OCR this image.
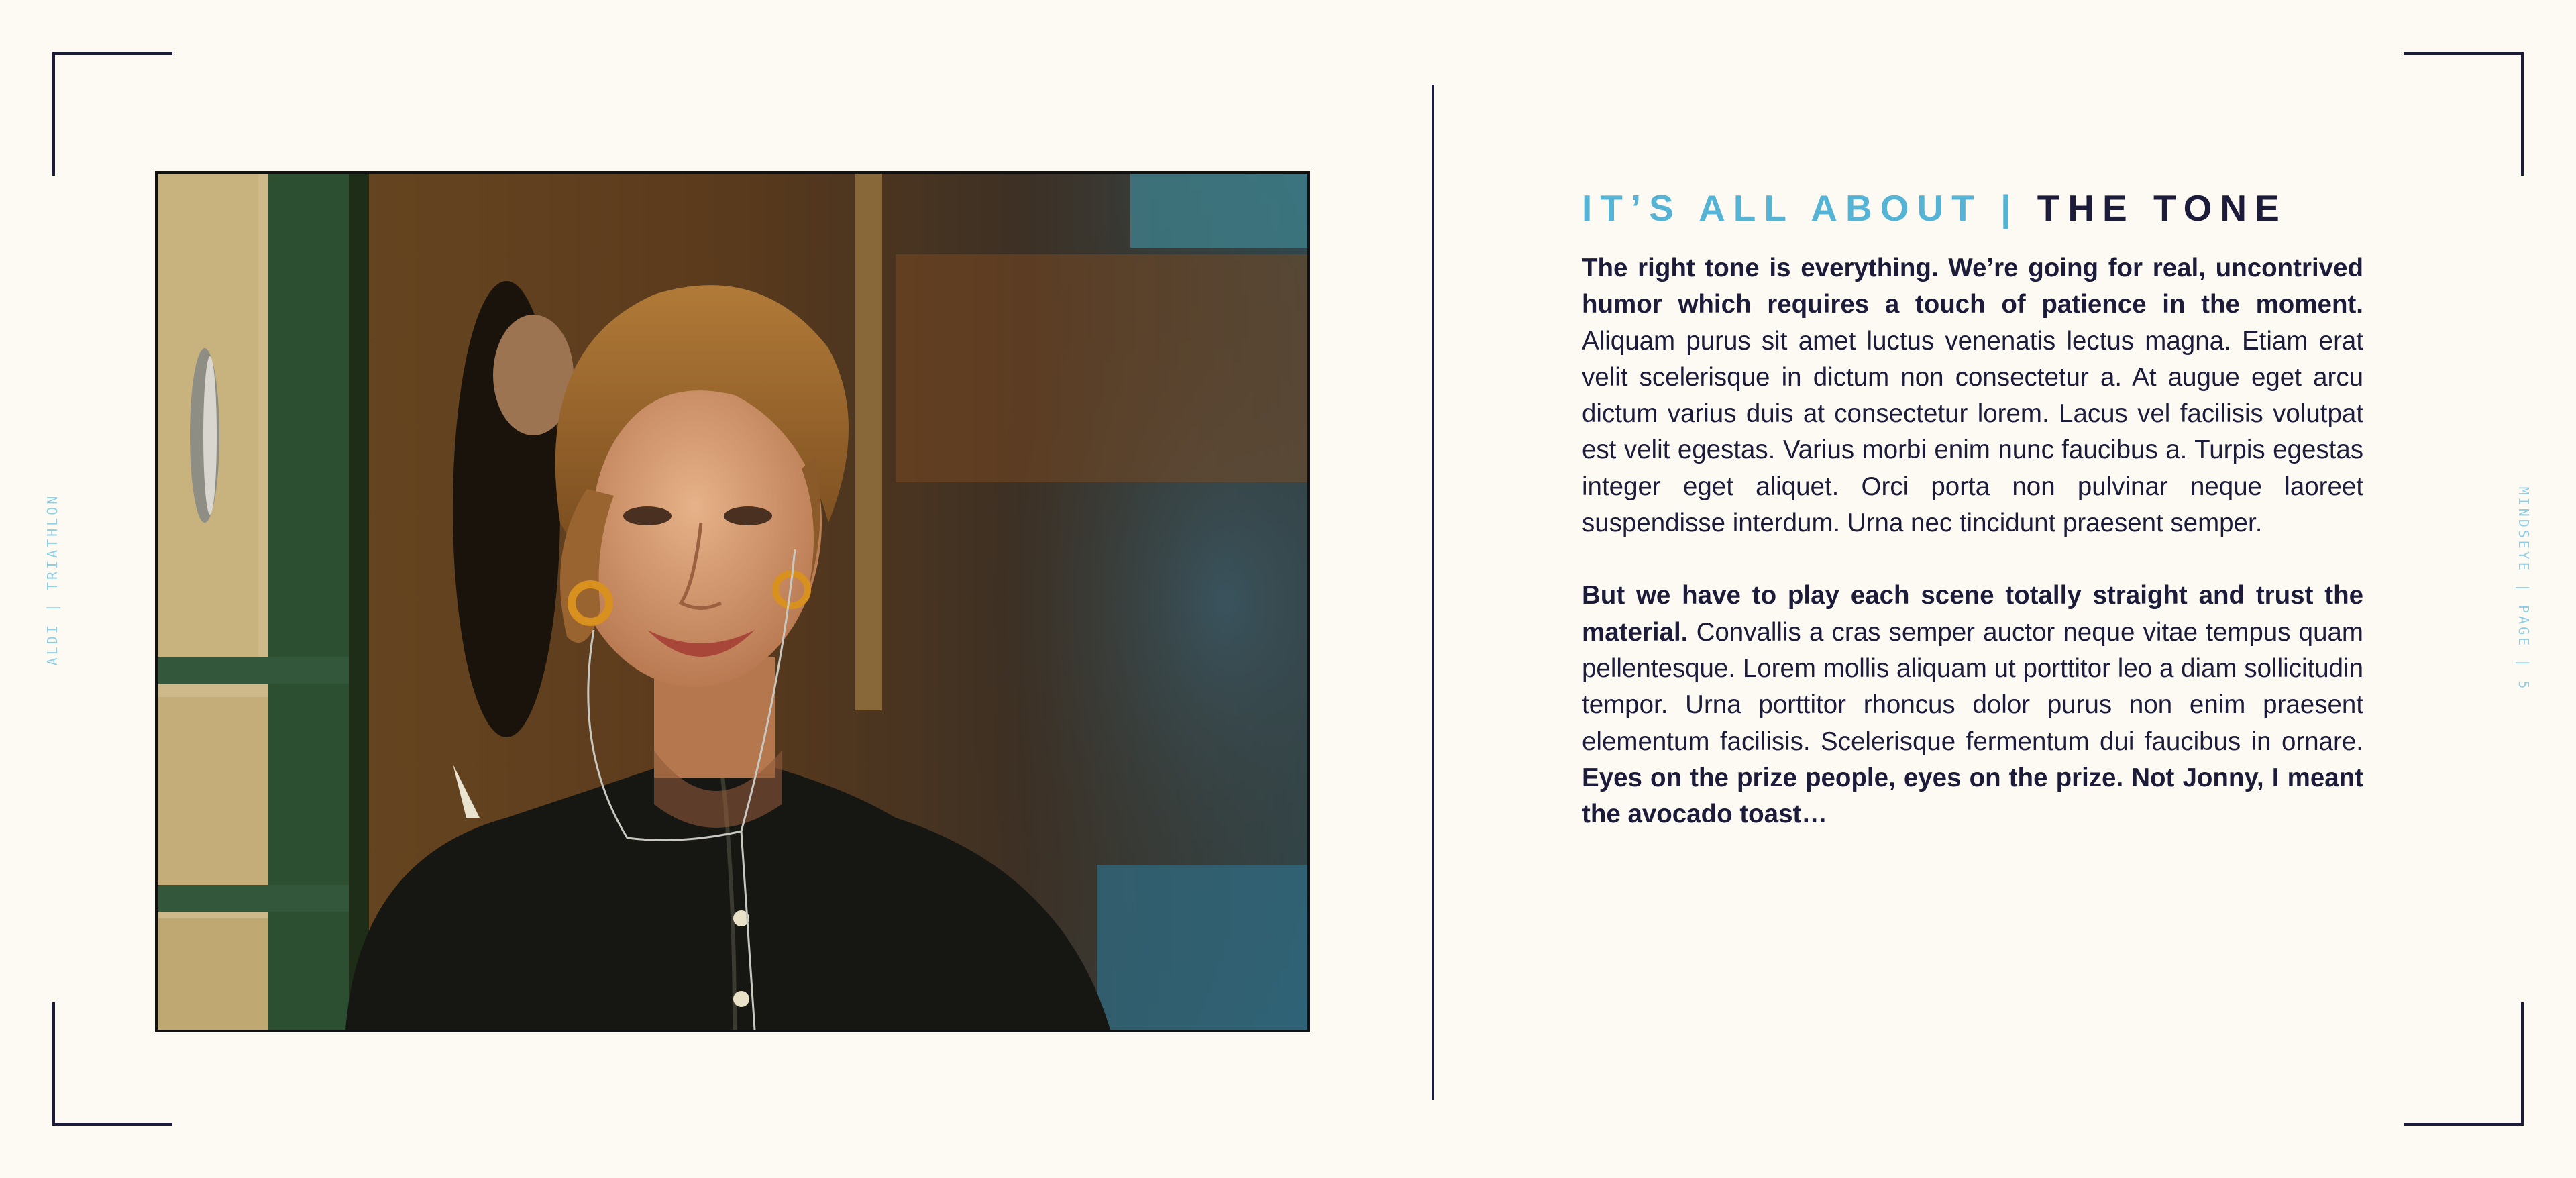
ALDI | TRIATHLON	MINDSEYE | PAGE | 5
IT’S ALL ABOUT | THE TONE

The right tone is everything. We’re going for real, uncontrived humor which requires a touch of patience in the moment. Aliquam purus sit amet luctus venenatis lectus magna. Etiam erat velit scelerisque in dictum non consectetur a. At augue eget arcu dictum varius duis at consectetur lorem. Lacus vel facilisis volutpat est velit egestas. Varius morbi enim nunc faucibus a. Turpis egestas integer eget aliquet. Orci porta non pulvinar neque laoreet suspendisse interdum. Urna nec tincidunt praesent semper.

But we have to play each scene totally straight and trust the material. Convallis a cras semper auctor neque vitae tempus quam pellentesque. Lorem mollis aliquam ut porttitor leo a diam sollicitudin tempor. Urna porttitor rhoncus dolor purus non enim praesent elementum facilisis. Scelerisque fermentum dui faucibus in ornare. Eyes on the prize people, eyes on the prize. Not Jonny, I meant the avocado toast…
